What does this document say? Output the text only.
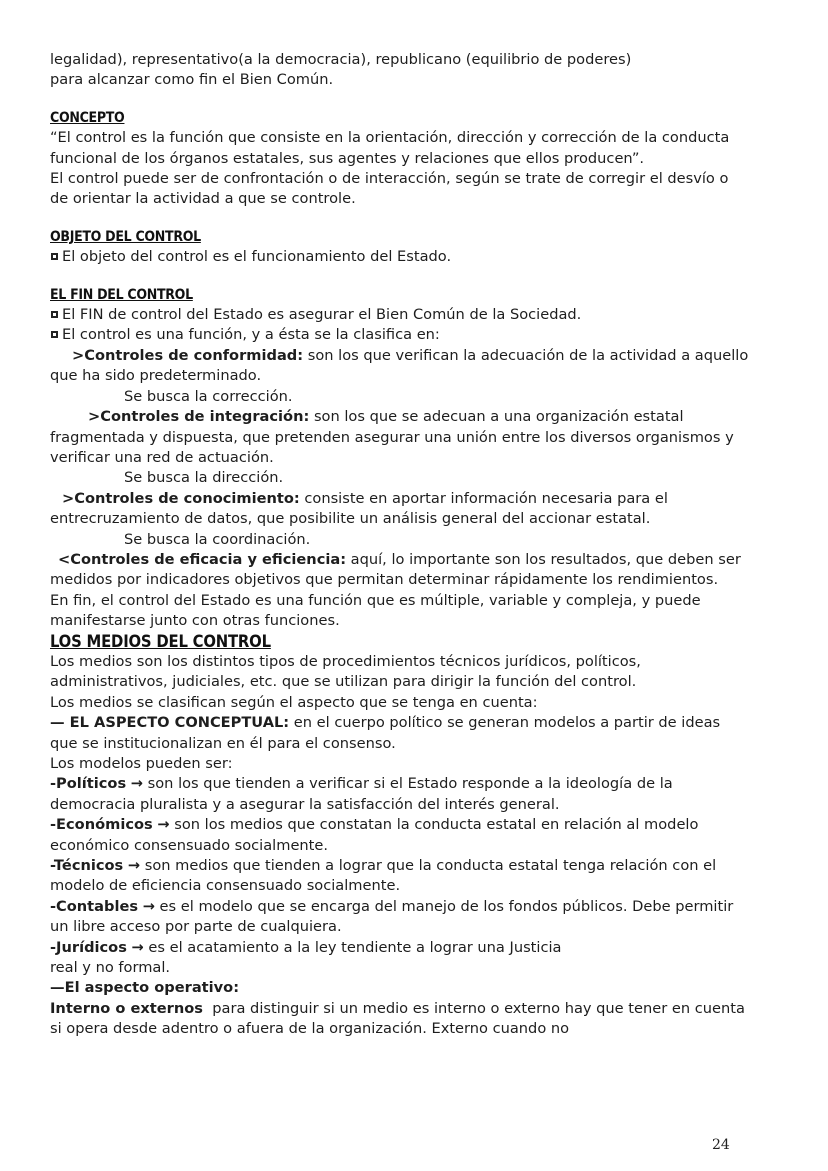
legalidad), representativo(a la democracia), republicano (equilibrio de poderes)

para alcanzar como fin el Bien Común.

CONCEPTO

“El control es la función que consiste en la orientación, dirección y corrección de la conducta funcional de los órganos estatales, sus agentes y relaciones que ellos producen”.

El control puede ser de confrontación o de interacción, según se trate de corregir el desvío o de orientar la actividad a que se controle.

OBJETO DEL CONTROL

El objeto del control es el funcionamiento del Estado.

EL FIN DEL CONTROL

El FIN de control del Estado es asegurar el Bien Común de la Sociedad.

El control es una función, y a ésta se la clasifica en:

>Controles de conformidad: son los que verifican la adecuación de la actividad a aquello que ha sido predeterminado.

Se busca la corrección.

>Controles de integración: son los que se adecuan a una organización estatal fragmentada y dispuesta, que pretenden asegurar una unión entre los diversos organismos y verificar una red de actuación.

Se busca la dirección.

>Controles de conocimiento: consiste en aportar información necesaria para el entrecruzamiento de datos, que posibilite un análisis general del accionar estatal.

Se busca la coordinación.

<Controles de eficacia y eficiencia: aquí, lo importante son los resultados, que deben ser medidos por indicadores objetivos que permitan determinar rápidamente los rendimientos.

En fin, el control del Estado es una función que es múltiple, variable y compleja, y puede manifestarse junto con otras funciones.

LOS MEDIOS DEL CONTROL

Los medios son los distintos tipos de procedimientos técnicos jurídicos, políticos, administrativos, judiciales, etc. que se utilizan para dirigir la función del control.

Los medios se clasifican según el aspecto que se tenga en cuenta:

— EL ASPECTO CONCEPTUAL: en el cuerpo político se generan modelos a partir de ideas que se institucionalizan en él para el consenso.

Los modelos pueden ser:

-Políticos → son los que tienden a verificar si el Estado responde a la ideología de la democracia pluralista y a asegurar la satisfacción del interés general.

-Económicos → son los medios que constatan la conducta estatal en relación al modelo económico consensuado socialmente.

-Técnicos → son medios que tienden a lograr que la conducta estatal tenga relación con el modelo de eficiencia consensuado socialmente.

-Contables → es el modelo que se encarga del manejo de los fondos públicos. Debe permitir un libre acceso por parte de cualquiera.

-Jurídicos → es el acatamiento a la ley tendiente a lograr una Justicia

real y no formal.

—El aspecto operativo:

Interno o externos  para distinguir si un medio es interno o externo hay que tener en cuenta si opera desde adentro o afuera de la organización. Externo cuando no

24
